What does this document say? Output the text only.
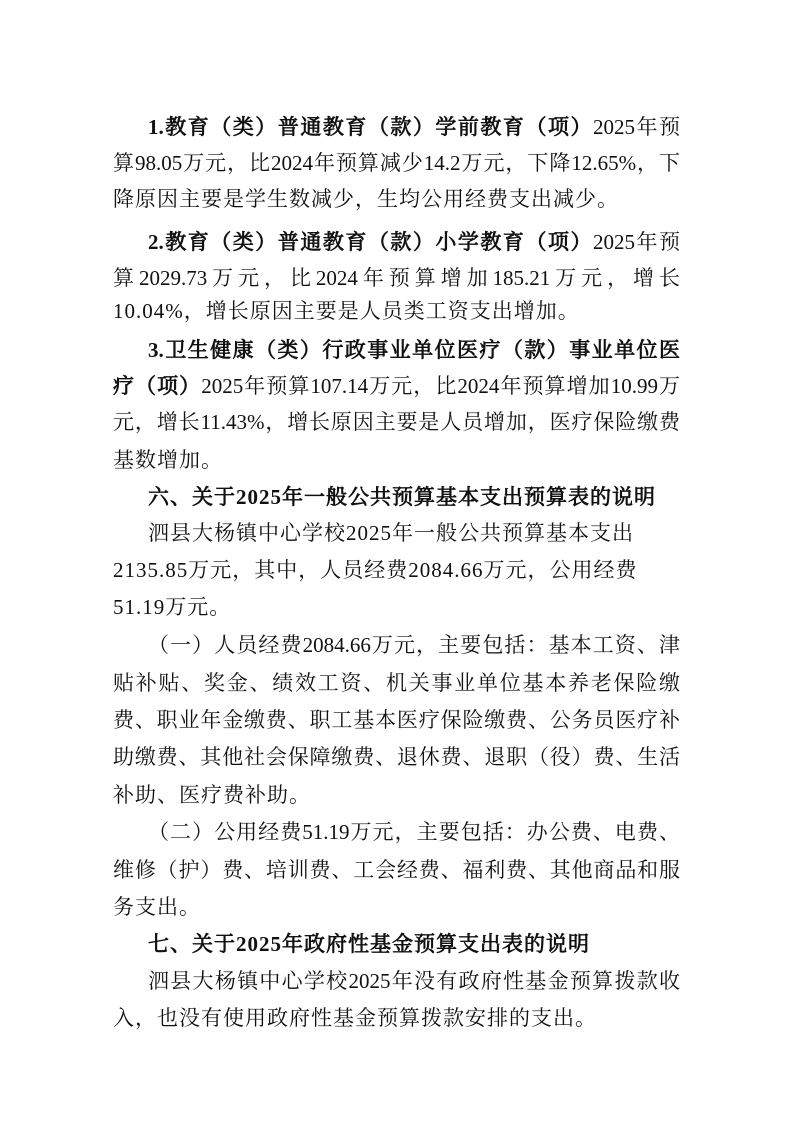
1.教育（类）普通教育（款）学前教育（项）2025年预
算98.05万元，比2024年预算减少14.2万元，下降12.65%，下
降原因主要是学生数减少，生均公用经费支出减少。
2.教育（类）普通教育（款）小学教育（项）2025年预
算2029.73万元，比2024年预算增加185.21万元，增长
10.04%，增长原因主要是人员类工资支出增加。
3.卫生健康（类）行政事业单位医疗（款）事业单位医
疗（项）2025年预算107.14万元，比2024年预算增加10.99万
元，增长11.43%，增长原因主要是人员增加，医疗保险缴费
基数增加。
六、关于2025年一般公共预算基本支出预算表的说明
泗县大杨镇中心学校2025年一般公共预算基本支出
2135.85万元，其中，人员经费2084.66万元，公用经费
51.19万元。
（一）人员经费2084.66万元，主要包括：基本工资、津
贴补贴、奖金、绩效工资、机关事业单位基本养老保险缴
费、职业年金缴费、职工基本医疗保险缴费、公务员医疗补
助缴费、其他社会保障缴费、退休费、退职（役）费、生活
补助、医疗费补助。
（二）公用经费51.19万元，主要包括：办公费、电费、
维修（护）费、培训费、工会经费、福利费、其他商品和服
务支出。
七、关于2025年政府性基金预算支出表的说明
泗县大杨镇中心学校2025年没有政府性基金预算拨款收
入，也没有使用政府性基金预算拨款安排的支出。
